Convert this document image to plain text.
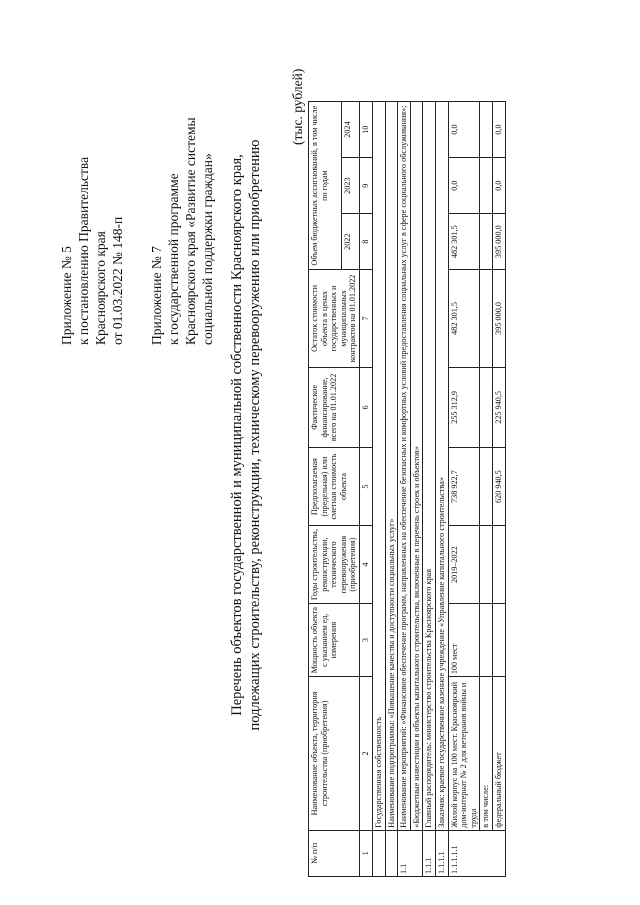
Приложение № 5 к постановлению Правительства Красноярского края от 01.03.2022 № 148-п Приложение № 7 к государственной программе Красноярского края «Развитие системы социальной поддержки граждан» Перечень объектов государственной и муниципальной собственности Красноярского края, подлежащих строительству, реконструкции, техническому перевооружению или приобретению
(тыс. рублей)
№ п/п	Наименование объекта, территория строительства (приобретения)	Мощность объекта с указанием ед. измерения	Годы строительства, реконструкции, технического перевооружения (приобретения)	Предполагаемая (предельная) или сметная стоимость объекта	Фактическое финансирование, всего на 01.01.2022	Остаток стоимости объекта в ценах государственных и муниципальных контрактов на 01.01.2022	Объем бюджетных ассигнований, в том числе по годам		
							2022	2023	2024
1	2	3	4	5	6	7	8	9	10
	Государственная собственность								
	Наименование подпрограммы: «Повышение качества и доступности социальных услуг»								
1.1	Наименование мероприятий: «Финансовое обеспечение программ, направленных на обеспечение безопасных и комфортных условий предоставления социальных услуг в сфере социального обслуживания»;								
	«Бюджетные инвестиции в объекты капитального строительства, включенные в перечень строек и объектов»								
1.1.1	Главный распорядитель: министерство строительства Красноярского края								
1.1.1.1	Заказчик: краевое государственное казенное учреждение «Управление капитального строительства»								
1.1.1.1.1	Жилой корпус на 100 мест. Красноярский дом-интернат № 2 для ветеранов войны и труда	100 мест	2019–2022	738 922,7	255 312,9	482 301,5	482 301,5	0,0	0,0
	в том числе:								
	федеральный бюджет			620 940,5	225 940,5	395 000,0	395 000,0	0,0	0,0
